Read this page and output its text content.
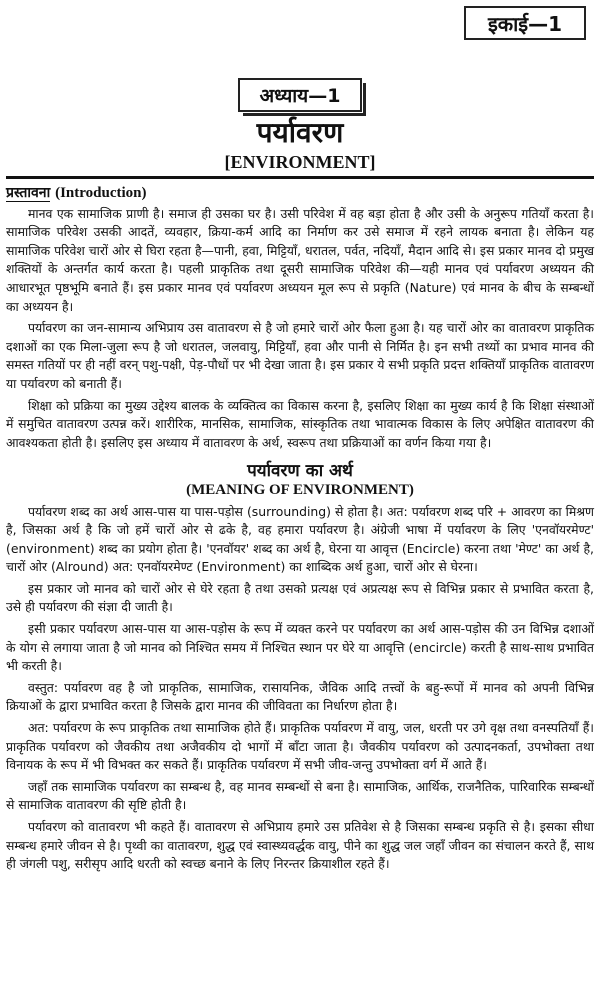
इकाई—1
अध्याय—1
पर्यावरण
[ENVIRONMENT]
प्रस्तावना (Introduction)

मानव एक सामाजिक प्राणी है। समाज ही उसका घर है। उसी परिवेश में वह बड़ा होता है और उसी के अनुरूप गतियाँ करता है। सामाजिक परिवेश उसकी आदतें, व्यवहार, क्रिया-कर्म आदि का निर्माण कर उसे समाज में रहने लायक बनाता है। लेकिन यह सामाजिक परिवेश चारों ओर से घिरा रहता है—पानी, हवा, मिट्टियाँ, धरातल, पर्वत, नदियाँ, मैदान आदि से। इस प्रकार मानव दो प्रमुख शक्तियों के अन्तर्गत कार्य करता है। पहली प्राकृतिक तथा दूसरी सामाजिक परिवेश की—यही मानव एवं पर्यावरण अध्ययन की आधारभूत पृष्ठभूमि बनाते हैं। इस प्रकार मानव एवं पर्यावरण अध्ययन मूल रूप से प्रकृति (Nature) एवं मानव के बीच के सम्बन्धों का अध्ययन है।

पर्यावरण का जन-सामान्य अभिप्राय उस वातावरण से है जो हमारे चारों ओर फैला हुआ है। यह चारों ओर का वातावरण प्राकृतिक दशाओं का एक मिला-जुला रूप है जो धरातल, जलवायु, मिट्टियाँ, हवा और पानी से निर्मित है। इन सभी तथ्यों का प्रभाव मानव की समस्त गतियों पर ही नहीं वरन् पशु-पक्षी, पेड़-पौधों पर भी देखा जाता है। इस प्रकार ये सभी प्रकृति प्रदत्त शक्तियाँ प्राकृतिक वातावरण या पर्यावरण को बनाती हैं।

शिक्षा को प्रक्रिया का मुख्य उद्देश्य बालक के व्यक्तित्व का विकास करना है, इसलिए शिक्षा का मुख्य कार्य है कि शिक्षा संस्थाओं में समुचित वातावरण उत्पन्न करें। शारीरिक, मानसिक, सामाजिक, सांस्कृतिक तथा भावात्मक विकास के लिए अपेक्षित वातावरण की आवश्यकता होती है। इसलिए इस अध्याय में वातावरण के अर्थ, स्वरूप तथा प्रक्रियाओं का वर्णन किया गया है।

पर्यावरण का अर्थ
(MEANING OF ENVIRONMENT)

पर्यावरण शब्द का अर्थ आस-पास या पास-पड़ोस (surrounding) से होता है। अत: पर्यावरण शब्द परि + आवरण का मिश्रण है, जिसका अर्थ है कि जो हमें चारों ओर से ढके है, वह हमारा पर्यावरण है। अंग्रेजी भाषा में पर्यावरण के लिए 'एनवॉयरमेण्ट' (environment) शब्द का प्रयोग होता है। 'एनवॉयर' शब्द का अर्थ है, घेरना या आवृत्त (Encircle) करना तथा 'मेण्ट' का अर्थ है, चारों ओर (Alround) अत: एनवॉयरमेण्ट (Environment) का शाब्दिक अर्थ हुआ, चारों ओर से घेरना।

इस प्रकार जो मानव को चारों ओर से घेरे रहता है तथा उसको प्रत्यक्ष एवं अप्रत्यक्ष रूप से विभिन्न प्रकार से प्रभावित करता है, उसे ही पर्यावरण की संज्ञा दी जाती है।

इसी प्रकार पर्यावरण आस-पास या आस-पड़ोस के रूप में व्यक्त करने पर पर्यावरण का अर्थ आस-पड़ोस की उन विभिन्न दशाओं के योग से लगाया जाता है जो मानव को निश्चित समय में निश्चित स्थान पर घेरे या आवृत्ति (encircle) करती है साथ-साथ प्रभावित भी करती है।

वस्तुत: पर्यावरण वह है जो प्राकृतिक, सामाजिक, रासायनिक, जैविक आदि तत्त्वों के बहु-रूपों में मानव को अपनी विभिन्न क्रियाओं के द्वारा प्रभावित करता है जिसके द्वारा मानव की जीविवता का निर्धारण होता है।

अत: पर्यावरण के रूप प्राकृतिक तथा सामाजिक होते हैं। प्राकृतिक पर्यावरण में वायु, जल, धरती पर उगे वृक्ष तथा वनस्पतियाँ हैं। प्राकृतिक पर्यावरण को जैवकीय तथा अजैवकीय दो भागों में बाँटा जाता है। जैवकीय पर्यावरण को उत्पादनकर्ता, उपभोक्ता तथा विनायक के रूप में भी विभक्त कर सकते हैं। प्राकृतिक पर्यावरण में सभी जीव-जन्तु उपभोक्ता वर्ग में आते हैं।

जहाँ तक सामाजिक पर्यावरण का सम्बन्ध है, वह मानव सम्बन्धों से बना है। सामाजिक, आर्थिक, राजनैतिक, पारिवारिक सम्बन्धों से सामाजिक वातावरण की सृष्टि होती है।

पर्यावरण को वातावरण भी कहते हैं। वातावरण से अभिप्राय हमारे उस प्रतिवेश से है जिसका सम्बन्ध प्रकृति से है। इसका सीधा सम्बन्ध हमारे जीवन से है। पृथ्वी का वातावरण, शुद्ध एवं स्वास्थ्यवर्द्धक वायु, पीने का शुद्ध जल जहाँ जीवन का संचालन करते हैं, साथ ही जंगली पशु, सरीसृप आदि धरती को स्वच्छ बनाने के लिए निरन्तर क्रियाशील रहते हैं।
